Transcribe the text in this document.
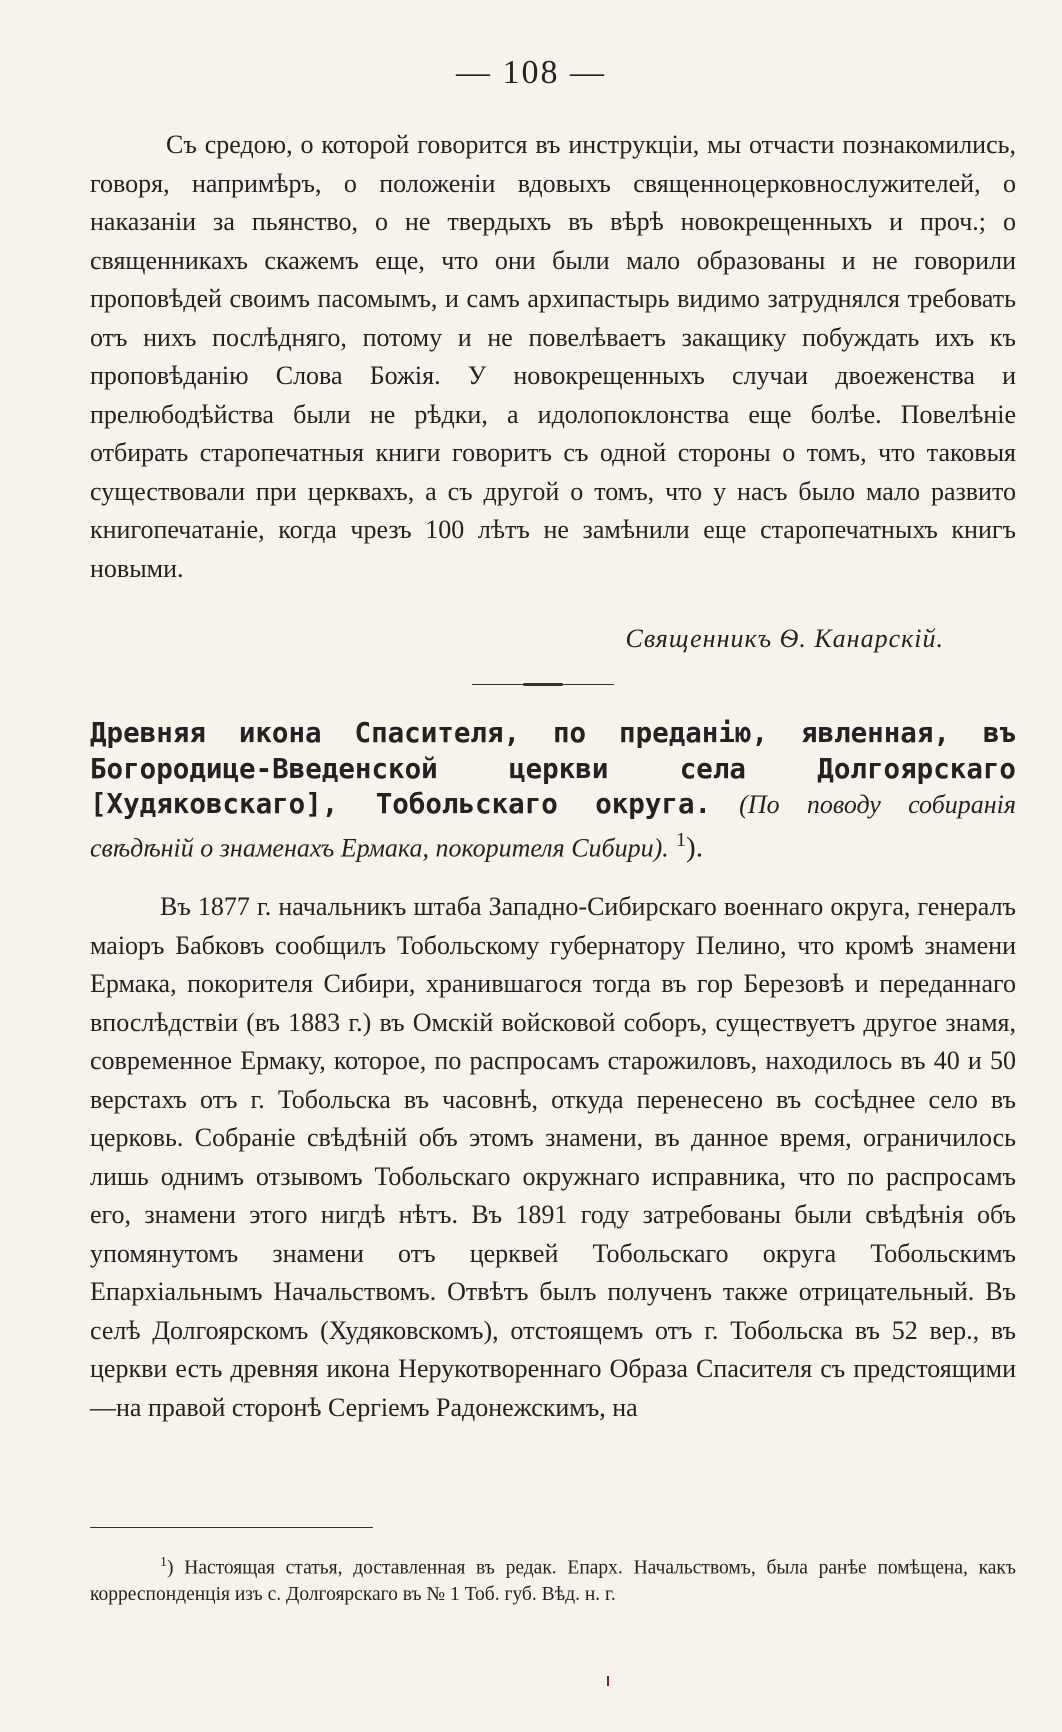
— 108 —
Съ средою, о которой говорится въ инструкціи, мы отчасти познакомились, говоря, напримѣръ, о положеніи вдовыхъ священноцерковнослужителей, о наказаніи за пьянство, о не твердыхъ въ вѣрѣ новокрещенныхъ и проч.; о священникахъ скажемъ еще, что они были мало образованы и не говорили проповѣдей своимъ пасомымъ, и самъ архипастырь видимо затруднялся требовать отъ нихъ послѣдняго, потому и не повелѣваетъ закащику побуждать ихъ къ проповѣданію Слова Божія. У новокрещенныхъ случаи двоеженства и прелюбодѣйства были не рѣдки, а идолопоклонства еще болѣе. Повелѣніе отбирать старопечатныя книги говоритъ съ одной стороны о томъ, что таковыя существовали при церквахъ, а съ другой о томъ, что у насъ было мало развито книгопечатаніе, когда чрезъ 100 лѣтъ не замѣнили еще старопечатныхъ книгъ новыми.
Священникъ Ѳ. Канарскій.
Древняя икона Спасителя, по преданію, явленная, въ Богородице-Введенской церкви села Долгоярскаго [Худяковскаго], Тобольскаго округа. (По поводу собиранія свѣдѣній о знаменахъ Ермака, покорителя Сибири). $^1$).
Въ 1877 г. начальникъ штаба Западно-Сибирскаго военнаго округа, генералъ маіоръ Бабковъ сообщилъ Тобольскому губернатору Пелино, что кромѣ знамени Ермака, покорителя Сибири, хранившагося тогда въ гор Березовѣ и переданнаго впослѣдствіи (въ 1883 г.) въ Омскій войсковой соборъ, существуетъ другое знамя, современное Ермаку, которое, по распросамъ старожиловъ, находилось въ 40 и 50 верстахъ отъ г. Тобольска въ часовнѣ, откуда перенесено въ сосѣднее село въ церковь. Собраніе свѣдѣній объ этомъ знамени, въ данное время, ограничилось лишь однимъ отзывомъ Тобольскаго окружнаго исправника, что по распросамъ его, знамени этого нигдѣ нѣтъ. Въ 1891 году затребованы были свѣдѣнія объ упомянутомъ знамени отъ церквей Тобольскаго округа Тобольскимъ Епархіальнымъ Начальствомъ. Отвѣтъ былъ полученъ также отрицательный. Въ селѣ Долгоярскомъ (Худяковскомъ), отстоящемъ отъ г. Тобольска въ 52 вер., въ церкви есть древняя икона Нерукотвореннаго Образа Спасителя съ предстоящими—на правой сторонѣ Сергіемъ Радонежскимъ, на
$^1$) Настоящая статья, доставленная въ редак. Епарх. Начальствомъ, была ранѣе помѣщена, какъ корреспонденція изъ с. Долгоярскаго въ № 1 Тоб. губ. Вѣд. н. г.
